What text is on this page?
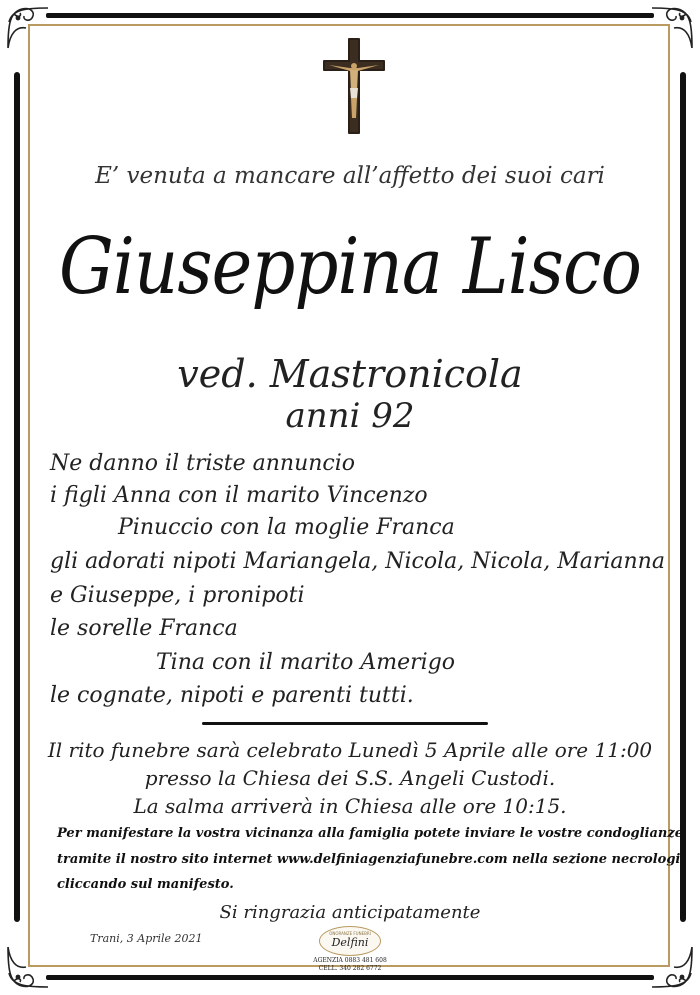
E’ venuta a mancare all’affetto dei suoi cari
Giuseppina Lisco
ved. Mastronicola
anni 92
Ne danno il triste annuncio
i figli Anna con il marito Vincenzo
Pinuccio con la moglie Franca
gli adorati nipoti Mariangela, Nicola, Nicola, Marianna
e Giuseppe, i pronipoti
le sorelle Franca
Tina con il marito Amerigo
le cognate, nipoti e parenti tutti.
Il rito funebre sarà celebrato Lunedì 5 Aprile alle ore 11:00
presso la Chiesa dei S.S. Angeli Custodi.
La salma arriverà in Chiesa alle ore 10:15.
Per manifestare la vostra vicinanza alla famiglia potete inviare le vostre condoglianze
tramite il nostro sito internet www.delfiniagenziafunebre.com nella sezione necrologi
cliccando sul manifesto.
Si ringrazia anticipatamente
Trani, 3 Aprile 2021	ONORANZE FUNEBRI
Delfini
AGENZIA 0883 481 608
CELL. 340 282 6772
